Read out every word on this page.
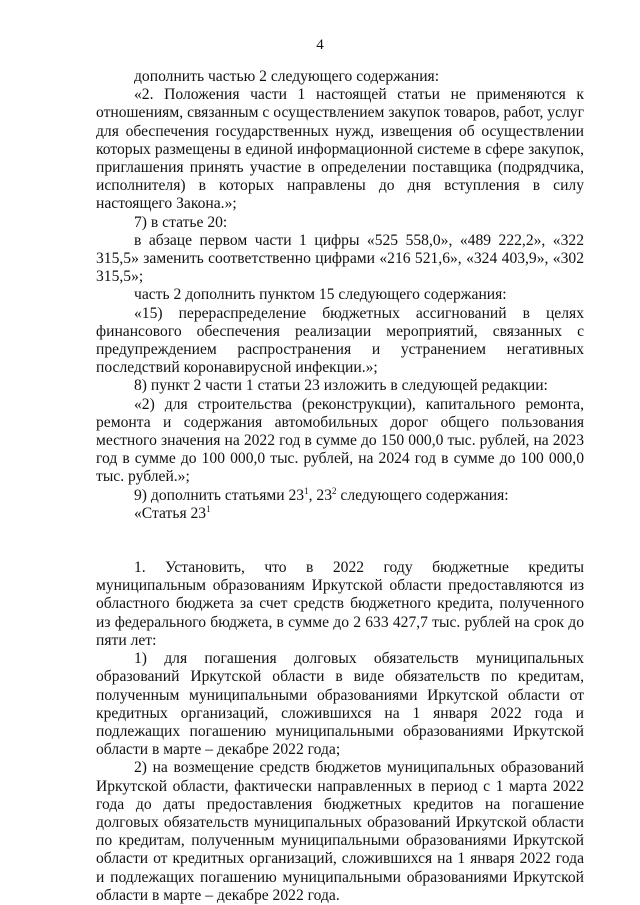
4

дополнить частью 2 следующего содержания:

«2. Положения части 1 настоящей статьи не применяются к отношениям, связанным с осуществлением закупок товаров, работ, услуг для обеспечения государственных нужд, извещения об осуществлении которых размещены в единой информационной системе в сфере закупок, приглашения принять участие в определении поставщика (подрядчика, исполнителя) в которых направлены до дня вступления в силу настоящего Закона.»;

7) в статье 20:

в абзаце первом части 1 цифры «525 558,0», «489 222,2», «322 315,5» заменить соответственно цифрами «216 521,6», «324 403,9», «302 315,5»;

часть 2 дополнить пунктом 15 следующего содержания:

«15) перераспределение бюджетных ассигнований в целях финансового обеспечения реализации мероприятий, связанных с предупреждением распространения и устранением негативных последствий коронавирусной инфекции.»;

8) пункт 2 части 1 статьи 23 изложить в следующей редакции:

«2) для строительства (реконструкции), капитального ремонта, ремонта и содержания автомобильных дорог общего пользования местного значения на 2022 год в сумме до 150 000,0 тыс. рублей, на 2023 год в сумме до 100 000,0 тыс. рублей, на 2024 год в сумме до 100 000,0 тыс. рублей.»;

9) дополнить статьями $23^1$, $23^2$ следующего содержания:

«Статья $23^1$

1. Установить, что в 2022 году бюджетные кредиты муниципальным образованиям Иркутской области предоставляются из областного бюджета за счет средств бюджетного кредита, полученного из федерального бюджета, в сумме до 2 633 427,7 тыс. рублей на срок до пяти лет:

1) для погашения долговых обязательств муниципальных образований Иркутской области в виде обязательств по кредитам, полученным муниципальными образованиями Иркутской области от кредитных организаций, сложившихся на 1 января 2022 года и подлежащих погашению муниципальными образованиями Иркутской области в марте – декабре 2022 года;

2) на возмещение средств бюджетов муниципальных образований Иркутской области, фактически направленных в период с 1 марта 2022 года до даты предоставления бюджетных кредитов на погашение долговых обязательств муниципальных образований Иркутской области по кредитам, полученным муниципальными образованиями Иркутской области от кредитных организаций, сложившихся на 1 января 2022 года и подлежащих погашению муниципальными образованиями Иркутской области в марте – декабре 2022 года.
